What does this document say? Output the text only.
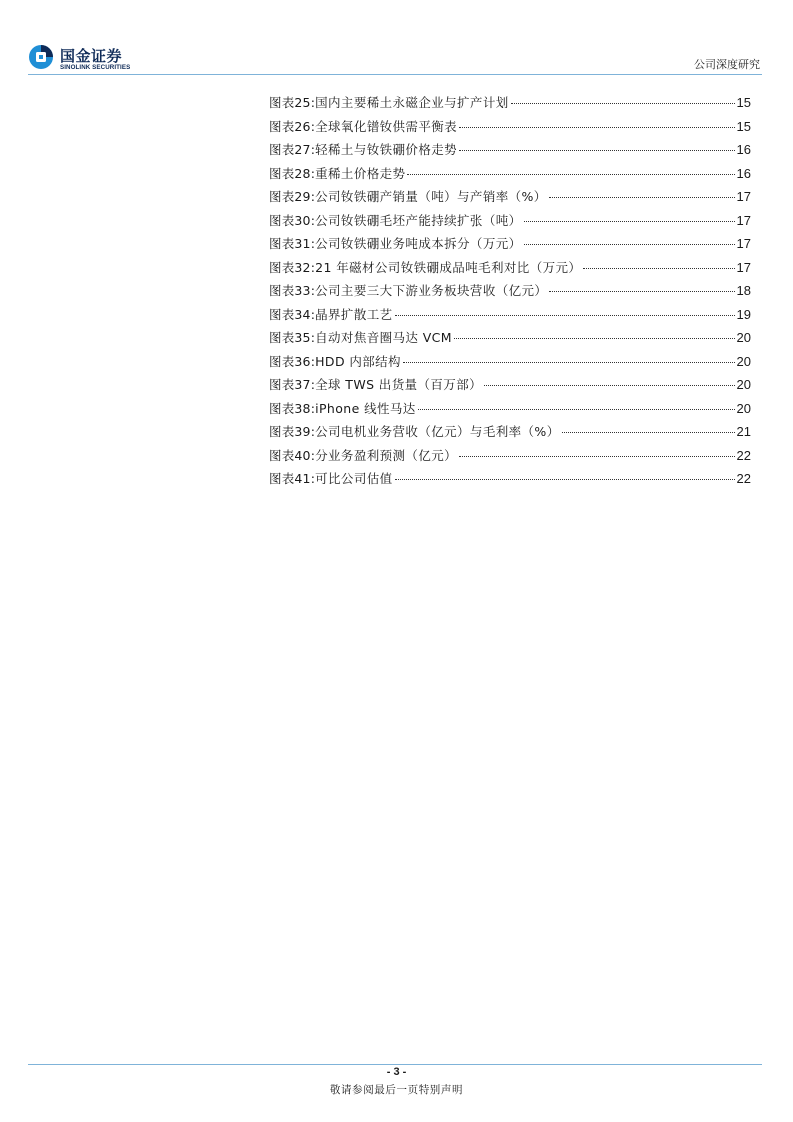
国金证券
SINOLINK SECURITIES	公司深度研究
图表25: 国内主要稀土永磁企业与扩产计划	15
图表26: 全球氧化镨钕供需平衡表	15
图表27: 轻稀土与钕铁硼价格走势	16
图表28: 重稀土价格走势	16
图表29: 公司钕铁硼产销量（吨）与产销率（%）	17
图表30: 公司钕铁硼毛坯产能持续扩张（吨）	17
图表31: 公司钕铁硼业务吨成本拆分（万元）	17
图表32: 21 年磁材公司钕铁硼成品吨毛利对比（万元）	17
图表33: 公司主要三大下游业务板块营收（亿元）	18
图表34: 晶界扩散工艺	19
图表35: 自动对焦音圈马达 VCM	20
图表36: HDD 内部结构	20
图表37: 全球 TWS 出货量（百万部）	20
图表38: iPhone 线性马达	20
图表39: 公司电机业务营收（亿元）与毛利率（%）	21
图表40: 分业务盈利预测（亿元）	22
图表41: 可比公司估值	22
- 3 -
敬请参阅最后一页特别声明
